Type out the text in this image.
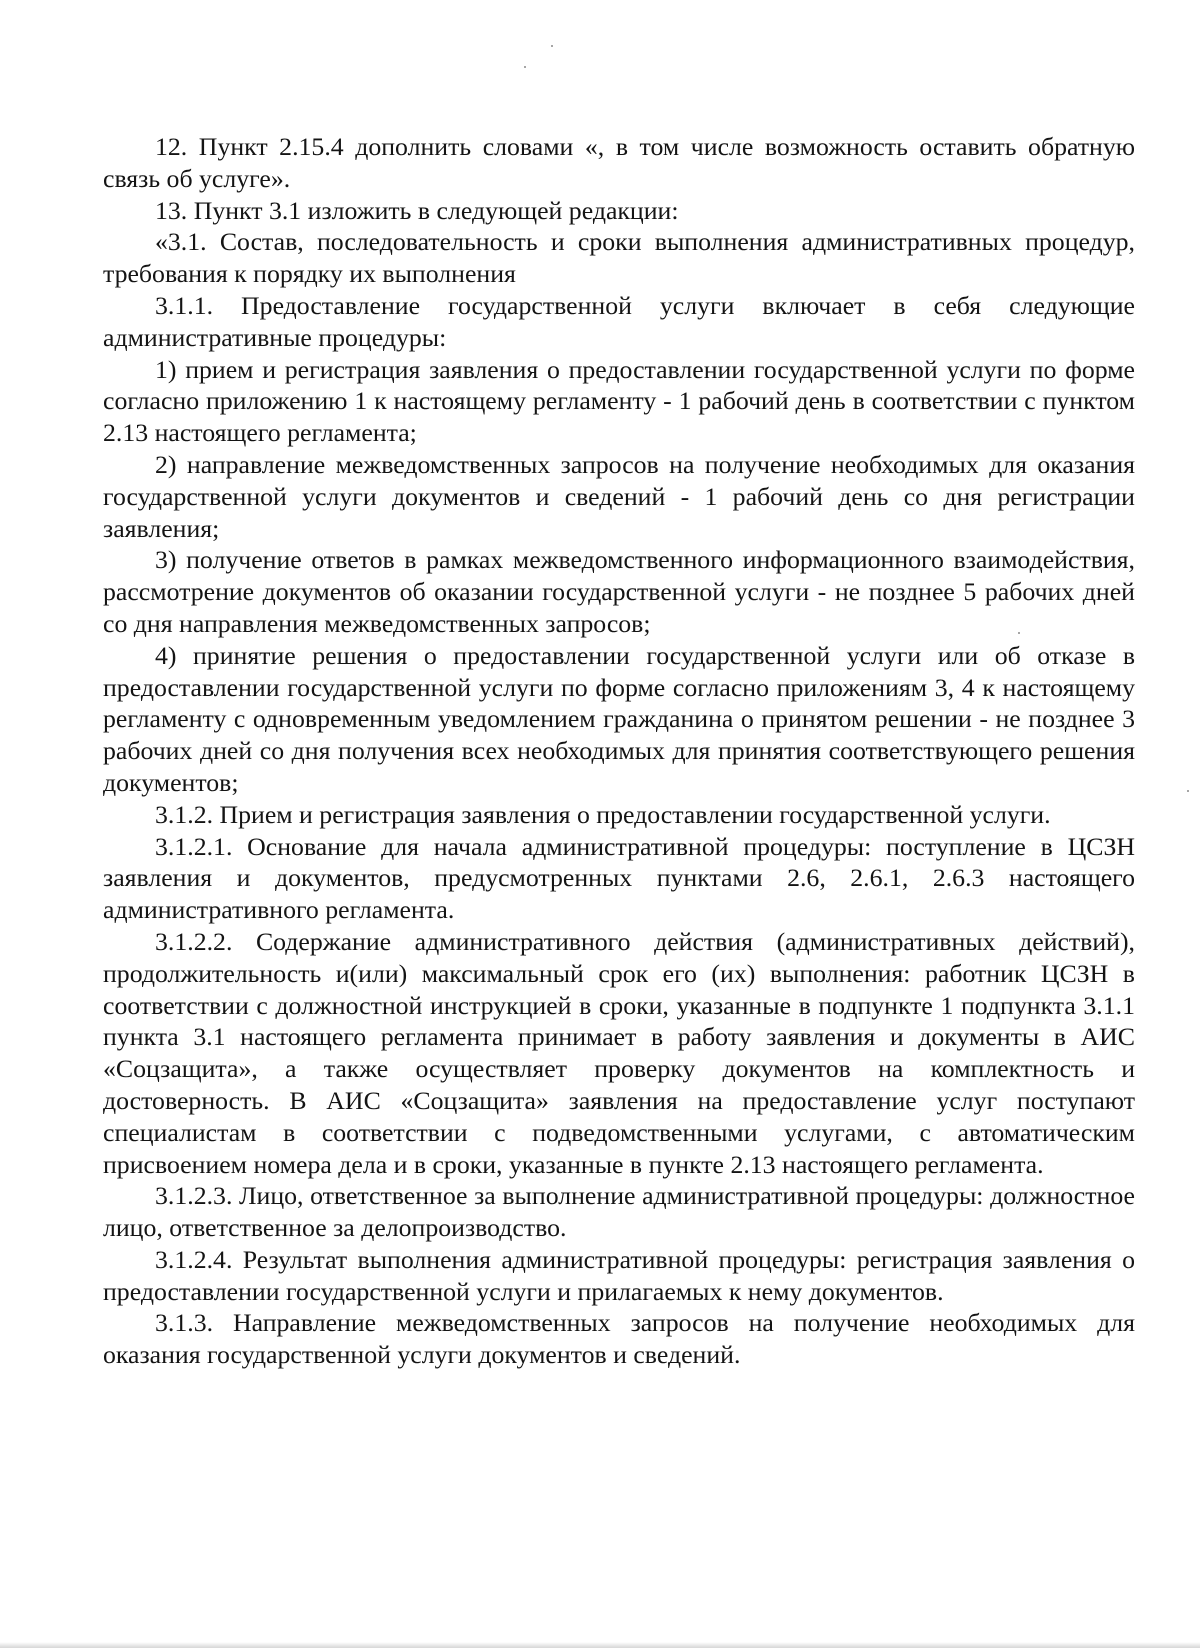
12. Пункт 2.15.4 дополнить словами «, в том числе возможность оставить обратную связь об услуге».

13. Пункт 3.1 изложить в следующей редакции:

«3.1. Состав, последовательность и сроки выполнения административных процедур, требования к порядку их выполнения

3.1.1. Предоставление государственной услуги включает в себя следующие административные процедуры:

1) прием и регистрация заявления о предоставлении государственной услуги по форме согласно приложению 1 к настоящему регламенту - 1 рабочий день в соответствии с пунктом 2.13 настоящего регламента;

2) направление межведомственных запросов на получение необходимых для оказания государственной услуги документов и сведений - 1 рабочий день со дня регистрации заявления;

3) получение ответов в рамках межведомственного информационного взаимодействия, рассмотрение документов об оказании государственной услуги - не позднее 5 рабочих дней со дня направления межведомственных запросов;

4) принятие решения о предоставлении государственной услуги или об отказе в предоставлении государственной услуги по форме согласно приложениям 3, 4 к настоящему регламенту с одновременным уведомлением гражданина о принятом решении - не позднее 3 рабочих дней со дня получения всех необходимых для принятия соответствующего решения документов;

3.1.2. Прием и регистрация заявления о предоставлении государственной услуги.

3.1.2.1. Основание для начала административной процедуры: поступление в ЦСЗН заявления и документов, предусмотренных пунктами 2.6, 2.6.1, 2.6.3 настоящего административного регламента.

3.1.2.2. Содержание административного действия (административных действий), продолжительность и(или) максимальный срок его (их) выполнения: работник ЦСЗН в соответствии с должностной инструкцией в сроки, указанные в подпункте 1 подпункта 3.1.1 пункта 3.1 настоящего регламента принимает в работу заявления и документы в АИС «Соцзащита», а также осуществляет проверку документов на комплектность и достоверность. В АИС «Соцзащита» заявления на предоставление услуг поступают специалистам в соответствии с подведомственными услугами, с автоматическим присвоением номера дела и в сроки, указанные в пункте 2.13 настоящего регламента.

3.1.2.3. Лицо, ответственное за выполнение административной процедуры: должностное лицо, ответственное за делопроизводство.

3.1.2.4. Результат выполнения административной процедуры: регистрация заявления о предоставлении государственной услуги и прилагаемых к нему документов.

3.1.3. Направление межведомственных запросов на получение необходимых для оказания государственной услуги документов и сведений.
